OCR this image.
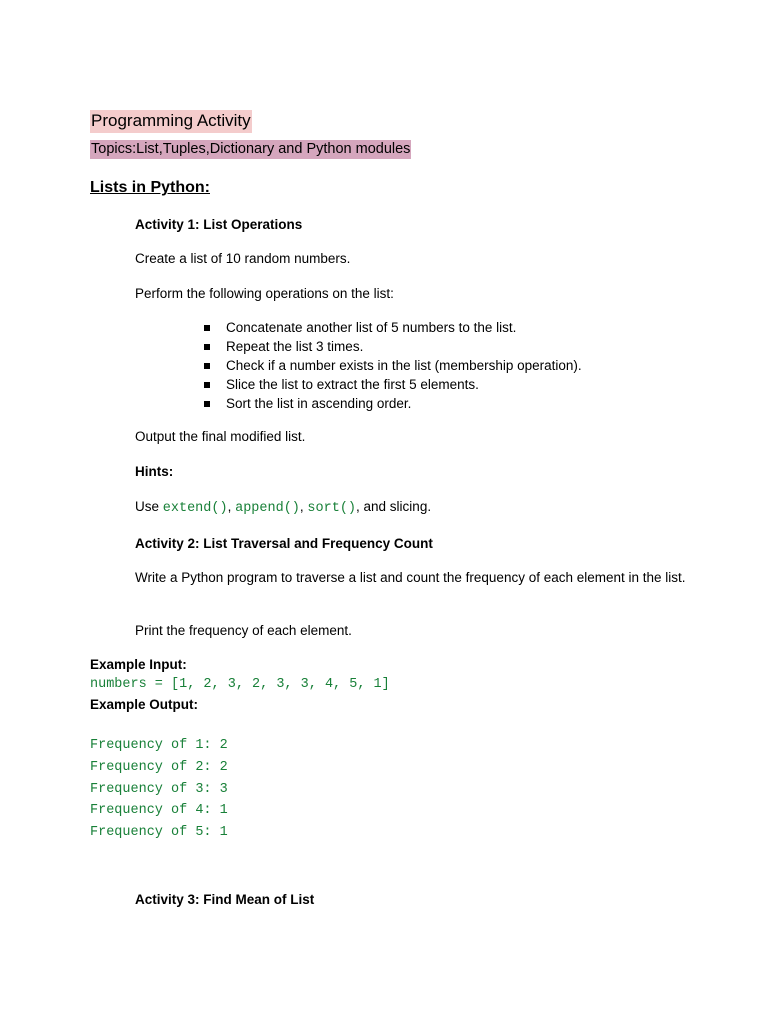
Programming Activity
Topics:List,Tuples,Dictionary and Python modules
Lists in Python:
Activity 1: List Operations
Create a list of 10 random numbers.
Perform the following operations on the list:
Concatenate another list of 5 numbers to the list.
Repeat the list 3 times.
Check if a number exists in the list (membership operation).
Slice the list to extract the first 5 elements.
Sort the list in ascending order.
Output the final modified list.
Hints:
Use extend(), append(), sort(), and slicing.
Activity 2: List Traversal and Frequency Count
Write a Python program to traverse a list and count the frequency of each element in the list.
Print the frequency of each element.
Example Input:
numbers = [1, 2, 3, 2, 3, 3, 4, 5, 1]
Example Output:
Frequency of 1: 2
Frequency of 2: 2
Frequency of 3: 3
Frequency of 4: 1
Frequency of 5: 1
Activity 3: Find Mean of List
